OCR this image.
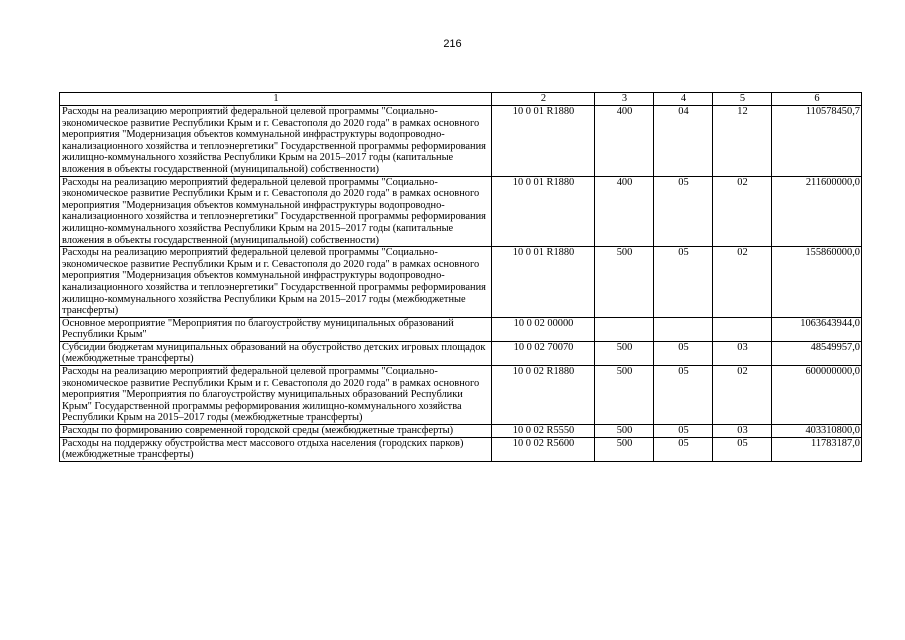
216
1	2	3	4	5	6
Расходы на реализацию мероприятий федеральной целевой программы "Социально-экономическое развитие Республики Крым и г. Севастополя до 2020 года" в рамках основного мероприятия "Модернизация объектов коммунальной инфраструктуры водопроводно-канализационного хозяйства и теплоэнергетики" Государственной программы реформирования жилищно-коммунального хозяйства Республики Крым на 2015–2017 годы (капитальные вложения в объекты государственной (муниципальной) собственности)	10 0 01 R1880	400	04	12	110578450,7
Расходы на реализацию мероприятий федеральной целевой программы "Социально-экономическое развитие Республики Крым и г. Севастополя до 2020 года" в рамках основного мероприятия "Модернизация объектов коммунальной инфраструктуры водопроводно-канализационного хозяйства и теплоэнергетики" Государственной программы реформирования жилищно-коммунального хозяйства Республики Крым на 2015–2017 годы (капитальные вложения в объекты государственной (муниципальной) собственности)	10 0 01 R1880	400	05	02	211600000,0
Расходы на реализацию мероприятий федеральной целевой программы "Социально-экономическое развитие Республики Крым и г. Севастополя до 2020 года" в рамках основного мероприятия "Модернизация объектов коммунальной инфраструктуры водопроводно-канализационного хозяйства и теплоэнергетики" Государственной программы реформирования жилищно-коммунального хозяйства Республики Крым на 2015–2017 годы (межбюджетные трансферты)	10 0 01 R1880	500	05	02	155860000,0
Основное мероприятие "Мероприятия по благоустройству муниципальных образований Республики Крым"	10 0 02 00000				1063643944,0
Субсидии бюджетам муниципальных образований на обустройство детских игровых площадок (межбюджетные трансферты)	10 0 02 70070	500	05	03	48549957,0
Расходы на реализацию мероприятий федеральной целевой программы "Социально-экономическое развитие Республики Крым и г. Севастополя до 2020 года" в рамках основного мероприятия "Мероприятия по благоустройству муниципальных образований Республики Крым" Государственной программы реформирования жилищно-коммунального хозяйства Республики Крым на 2015–2017 годы (межбюджетные трансферты)	10 0 02 R1880	500	05	02	600000000,0
Расходы по формированию современной городской среды (межбюджетные трансферты)	10 0 02 R5550	500	05	03	403310800,0
Расходы на поддержку обустройства мест массового отдыха населения (городских парков) (межбюджетные трансферты)	10 0 02 R5600	500	05	05	11783187,0
